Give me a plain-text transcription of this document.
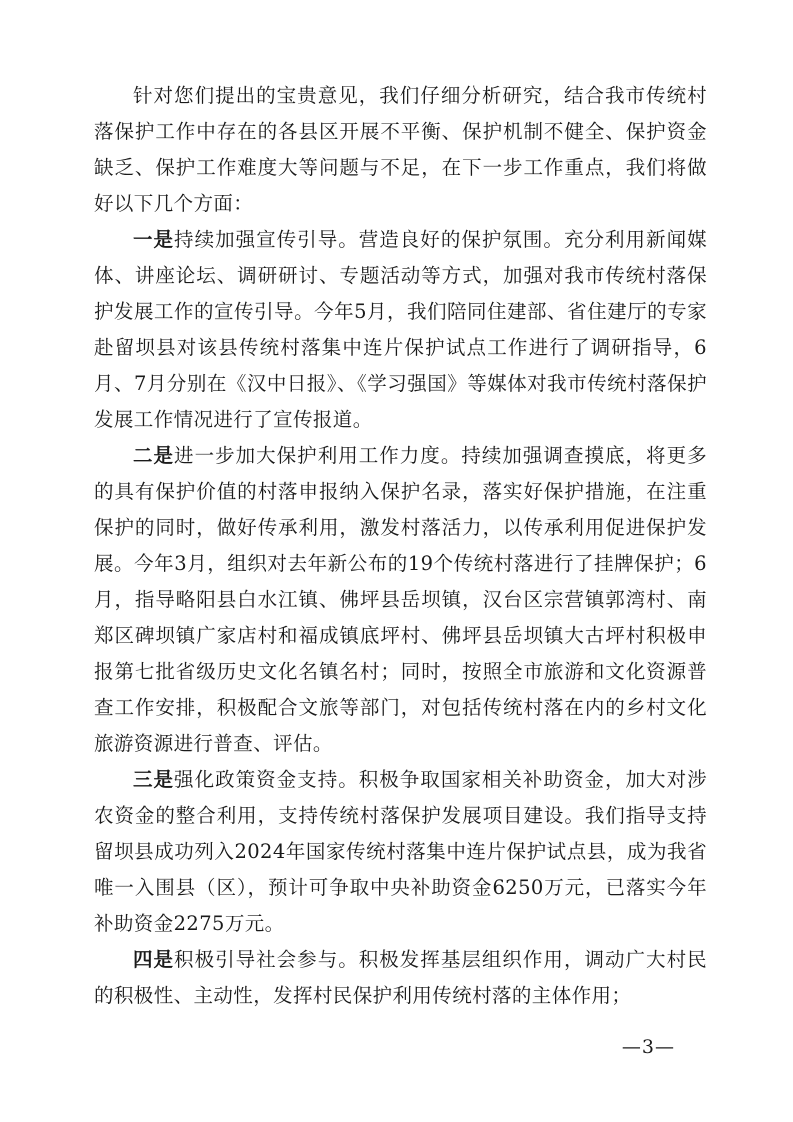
针对您们提出的宝贵意见，我们仔细分析研究，结合我市传统村落保护工作中存在的各县区开展不平衡、保护机制不健全、保护资金缺乏、保护工作难度大等问题与不足，在下一步工作重点，我们将做好以下几个方面：

一是持续加强宣传引导。营造良好的保护氛围。充分利用新闻媒体、讲座论坛、调研研讨、专题活动等方式，加强对我市传统村落保护发展工作的宣传引导。今年5月，我们陪同住建部、省住建厅的专家赴留坝县对该县传统村落集中连片保护试点工作进行了调研指导，6月、7月分别在《汉中日报》、《学习强国》等媒体对我市传统村落保护发展工作情况进行了宣传报道。

二是进一步加大保护利用工作力度。持续加强调查摸底，将更多的具有保护价值的村落申报纳入保护名录，落实好保护措施，在注重保护的同时，做好传承利用，激发村落活力，以传承利用促进保护发展。今年3月，组织对去年新公布的19个传统村落进行了挂牌保护；6月，指导略阳县白水江镇、佛坪县岳坝镇，汉台区宗营镇郭湾村、南郑区碑坝镇广家店村和福成镇底坪村、佛坪县岳坝镇大古坪村积极申报第七批省级历史文化名镇名村；同时，按照全市旅游和文化资源普查工作安排，积极配合文旅等部门，对包括传统村落在内的乡村文化旅游资源进行普查、评估。

三是强化政策资金支持。积极争取国家相关补助资金，加大对涉农资金的整合利用，支持传统村落保护发展项目建设。我们指导支持留坝县成功列入2024年国家传统村落集中连片保护试点县，成为我省唯一入围县（区），预计可争取中央补助资金6250万元，已落实今年补助资金2275万元。

四是积极引导社会参与。积极发挥基层组织作用，调动广大村民的积极性、主动性，发挥村民保护利用传统村落的主体作用；

—3—
